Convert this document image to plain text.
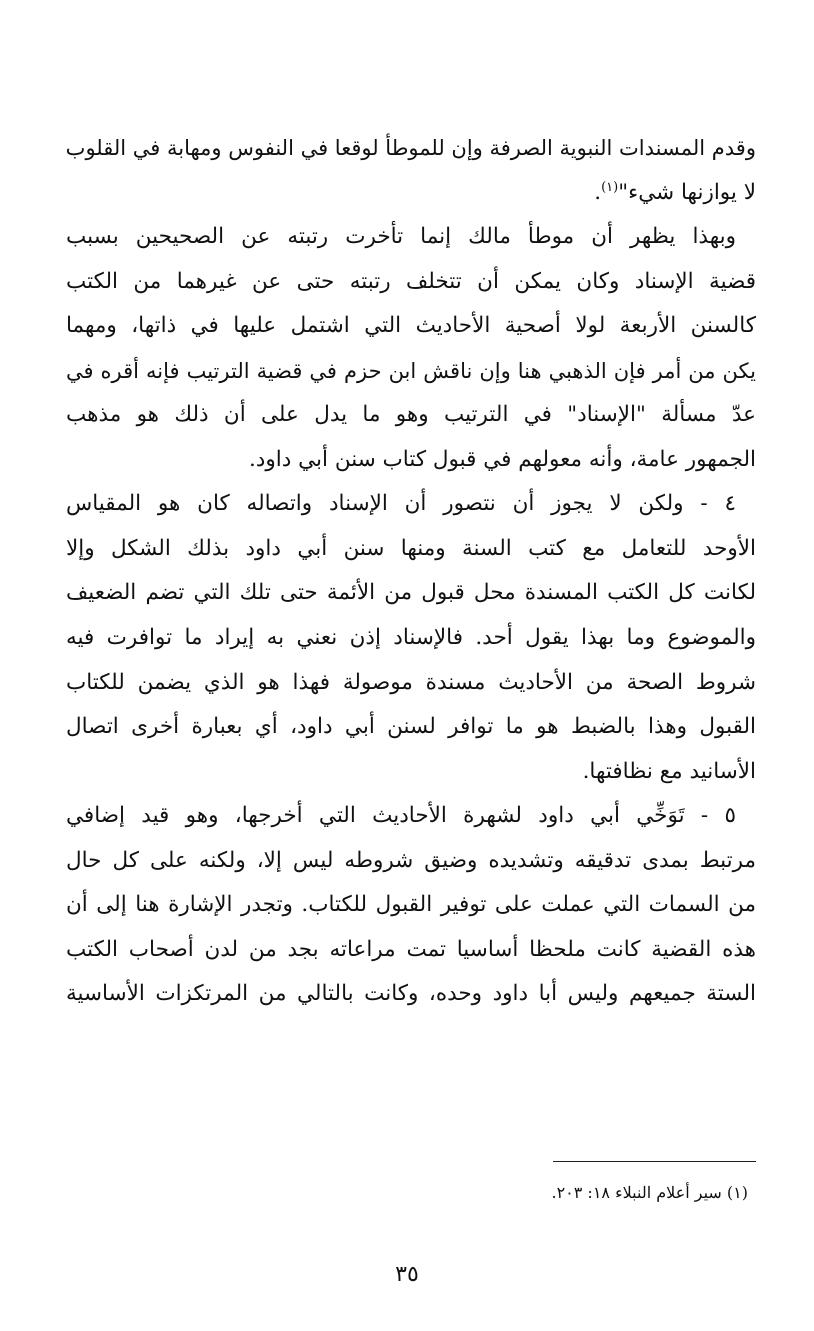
وقدم المسندات النبوية الصرفة وإن للموطأ لوقعا في النفوس ومهابة في القلوب
لا يوازنها شيء"$^{(١)}$.
وبهذا يظهر أن موطأ مالك إنما تأخرت رتبته عن الصحيحين بسبب
قضية الإسناد وكان يمكن أن تتخلف رتبته حتى عن غيرهما من الكتب
كالسنن الأربعة لولا أصحية الأحاديث التي اشتمل عليها في ذاتها، ومهما
يكن من أمر فإن الذهبي هنا وإن ناقش ابن حزم في قضية الترتيب فإنه أقره في
عدّ مسألة "الإسناد" في الترتيب وهو ما يدل على أن ذلك هو مذهب
الجمهور عامة، وأنه معولهم في قبول كتاب سنن أبي داود.
٤ - ولكن لا يجوز أن نتصور أن الإسناد واتصاله كان هو المقياس
الأوحد للتعامل مع كتب السنة ومنها سنن أبي داود بذلك الشكل وإلا
لكانت كل الكتب المسندة محل قبول من الأئمة حتى تلك التي تضم الضعيف
والموضوع وما بهذا يقول أحد. فالإسناد إذن نعني به إيراد ما توافرت فيه
شروط الصحة من الأحاديث مسندة موصولة فهذا هو الذي يضمن للكتاب
القبول وهذا بالضبط هو ما توافر لسنن أبي داود، أي بعبارة أخرى اتصال
الأسانيد مع نظافتها.
٥ - تَوَخِّي أبي داود لشهرة الأحاديث التي أخرجها، وهو قيد إضافي
مرتبط بمدى تدقيقه وتشديده وضيق شروطه ليس إلا، ولكنه على كل حال
من السمات التي عملت على توفير القبول للكتاب. وتجدر الإشارة هنا إلى أن
هذه القضية كانت ملحظا أساسيا تمت مراعاته بجد من لدن أصحاب الكتب
الستة جميعهم وليس أبا داود وحده، وكانت بالتالي من المرتكزات الأساسية
(١) سير أعلام النبلاء ١٨: ٢٠٣.
٣٥
